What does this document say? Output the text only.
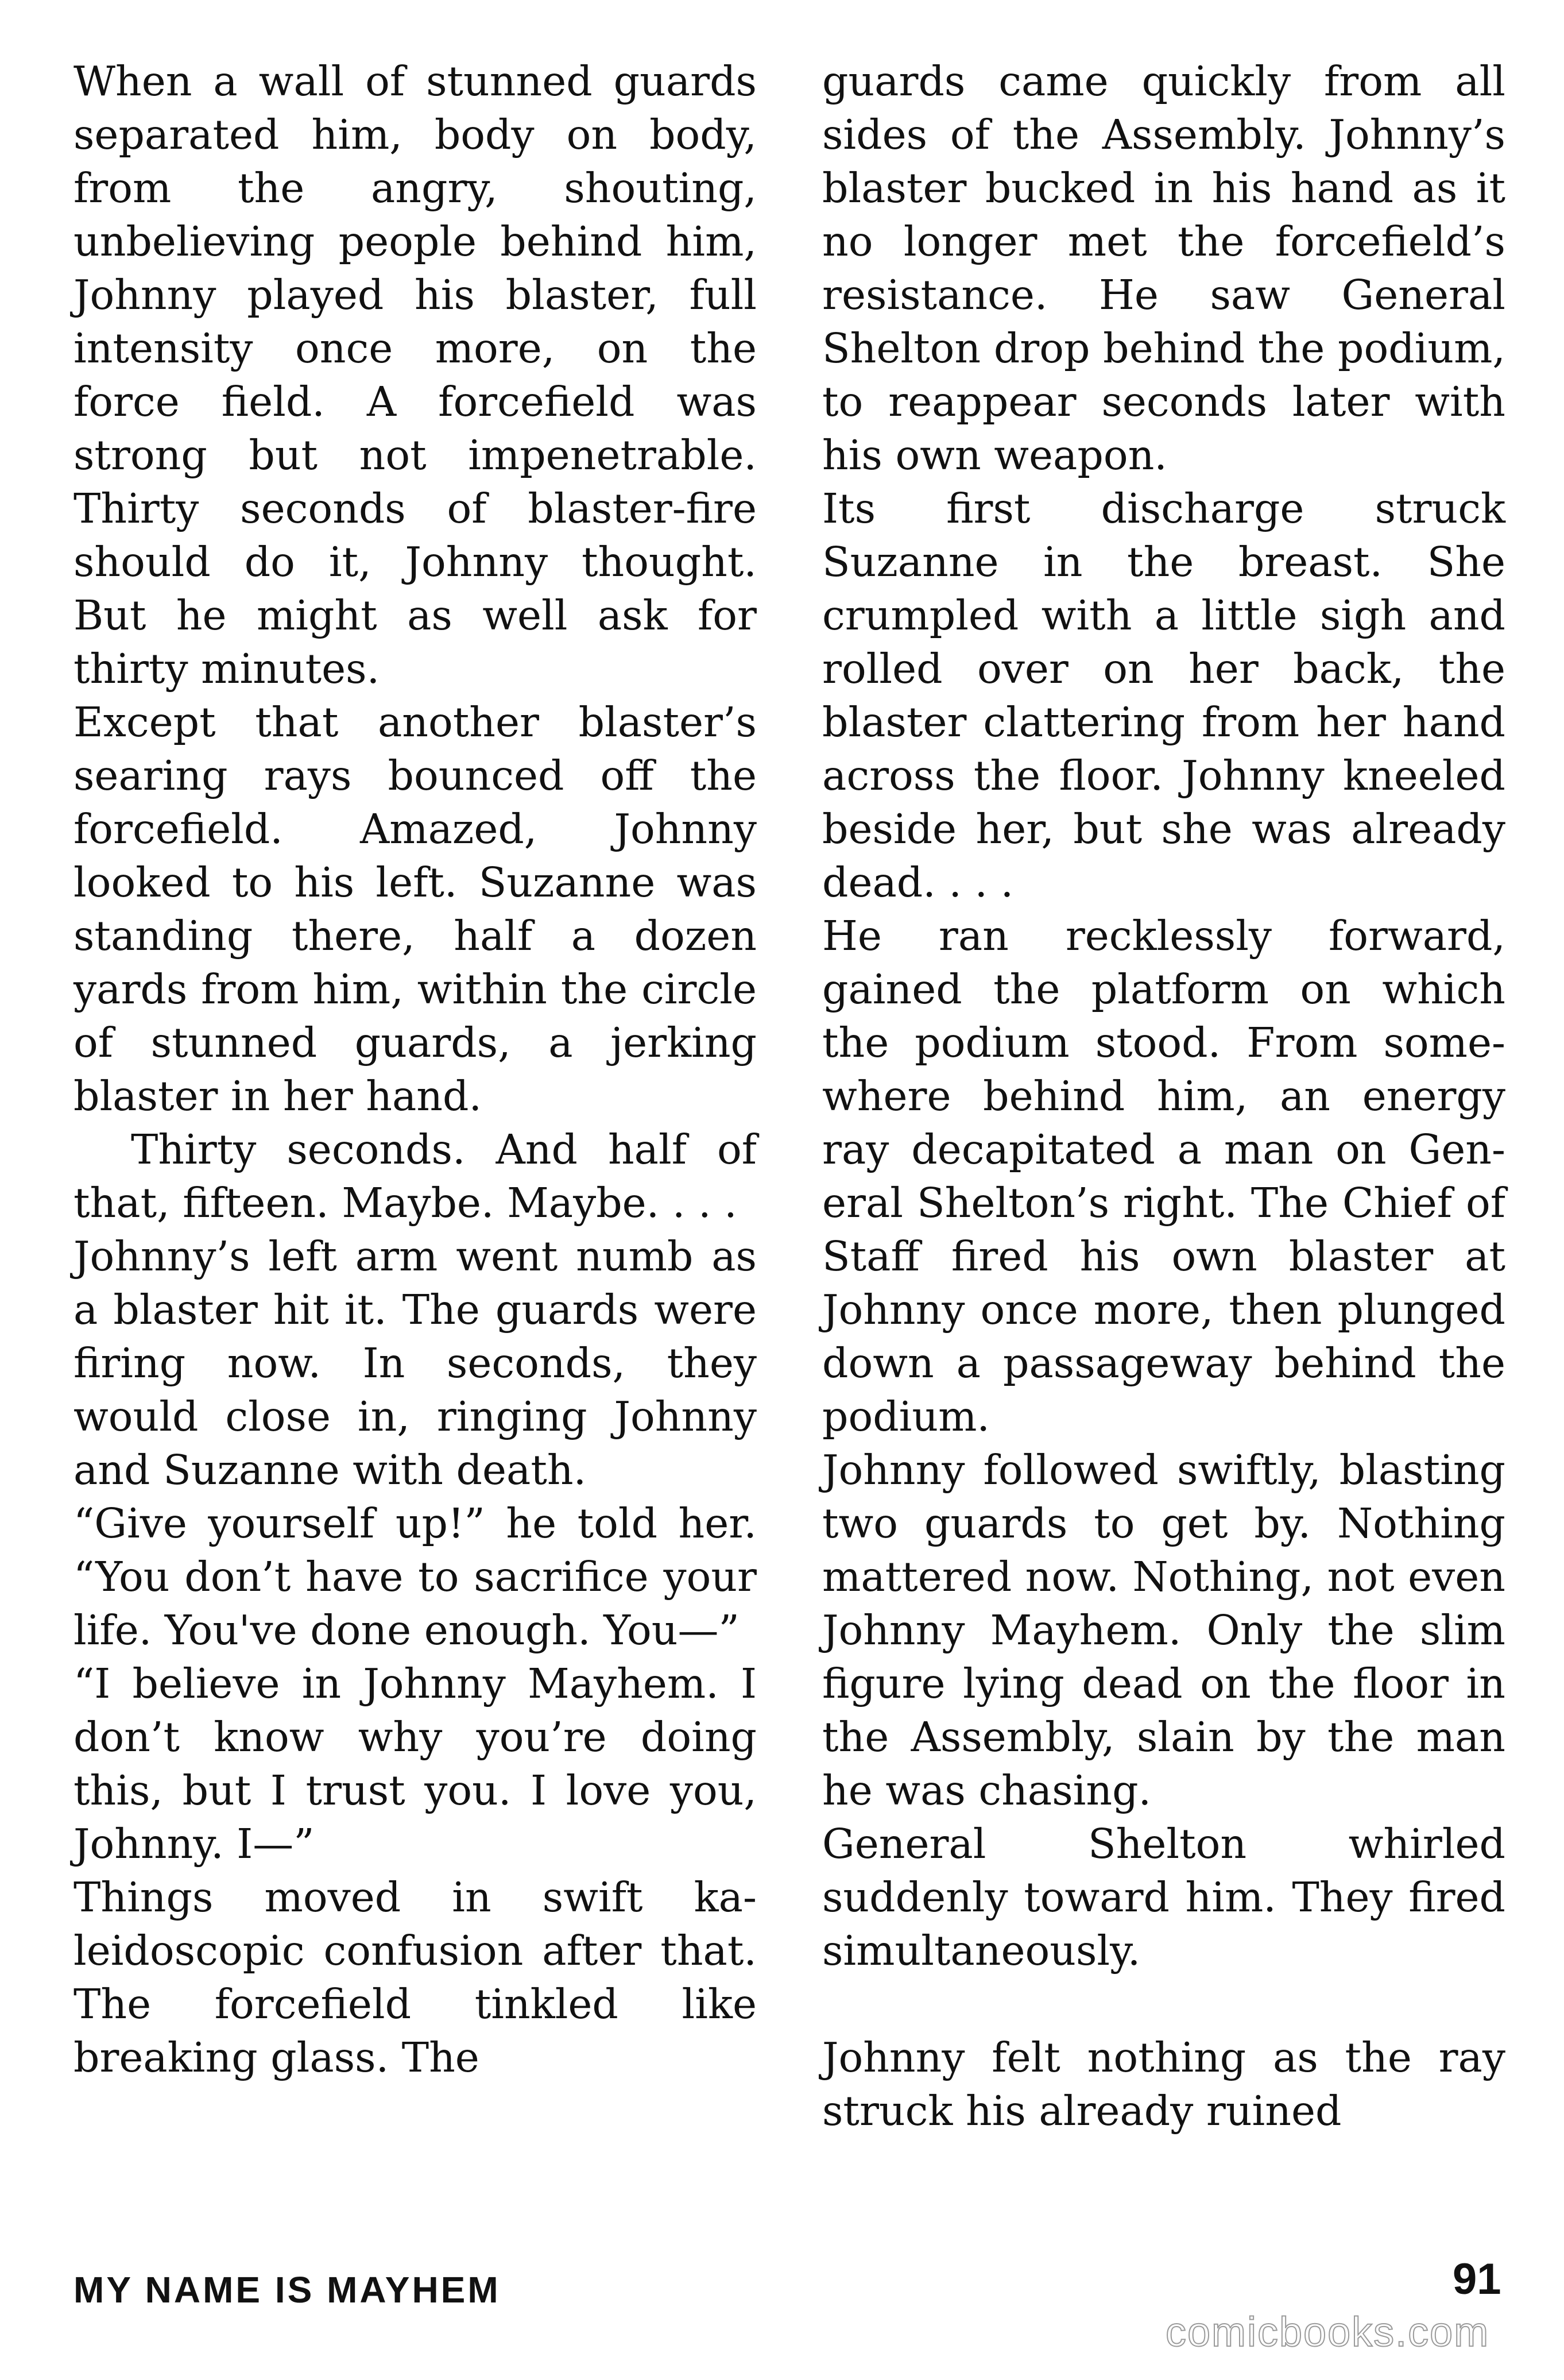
When a wall of stunned guards separated him, body on body, from the angry, shouting, unbelieving people behind him, Johnny played his blaster, full intensity once more, on the force field. A forcefield was strong but not impenetrable. Thirty seconds of blaster-fire should do it, Johnny thought. But he might as well ask for thirty minutes.

Except that another blaster’s searing rays bounced off the forcefield. Amazed, Johnny looked to his left. Suzanne was standing there, half a dozen yards from him, within the circle of stunned guards, a jerking blaster in her hand.

Thirty seconds. And half of that, fifteen. Maybe. Maybe. . . .

Johnny’s left arm went numb as a blaster hit it. The guards were firing now. In seconds, they would close in, ringing Johnny and Suzanne with death.

“Give yourself up!” he told her. “You don’t have to sacrifice your life. You've done enough. You—”

“I believe in Johnny Mayhem. I don’t know why you’re doing this, but I trust you. I love you, Johnny. I—”

Things moved in swift kaleidoscopic confusion after that. The forcefield tinkled like breaking glass. The

guards came quickly from all sides of the Assembly. Johnny’s blaster bucked in his hand as it no longer met the forcefield’s resistance. He saw General Shelton drop behind the podium, to reappear seconds later with his own weapon.

Its first discharge struck Suzanne in the breast. She crumpled with a little sigh and rolled over on her back, the blaster clattering from her hand across the floor. Johnny kneeled beside her, but she was already dead. . . .

He ran recklessly forward, gained the platform on which the podium stood. From somewhere behind him, an energy ray decapitated a man on General Shelton’s right. The Chief of Staff fired his own blaster at Johnny once more, then plunged down a passageway behind the podium.

Johnny followed swiftly, blasting two guards to get by. Nothing mattered now. Nothing, not even Johnny Mayhem. Only the slim figure lying dead on the floor in the Assembly, slain by the man he was chasing.

General Shelton whirled suddenly toward him. They fired simultaneously.

Johnny felt nothing as the ray struck his already ruined

MY NAME IS MAYHEM	91
comicbooks.com
